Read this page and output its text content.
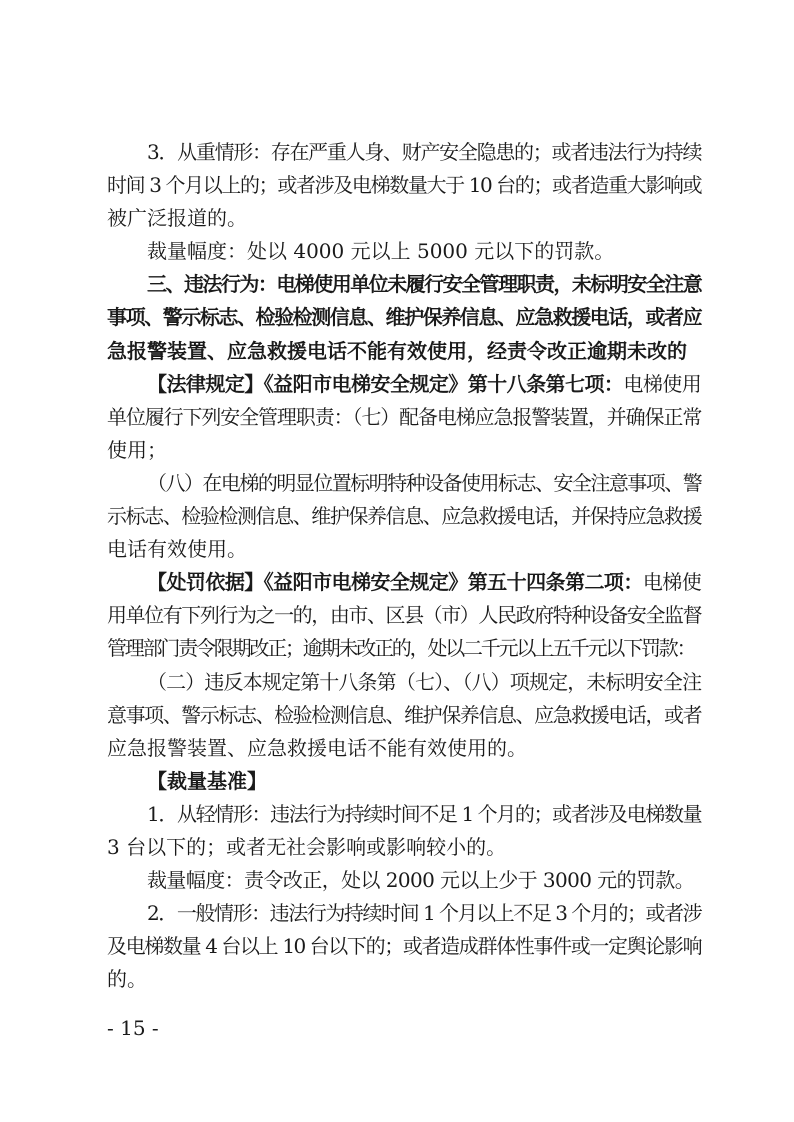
3．从重情形：存在严重人身、财产安全隐患的；或者违法行为持续
时间 3 个月以上的；或者涉及电梯数量大于 10 台的；或者造重大影响或
被广泛报道的。
裁量幅度：处以 4000 元以上 5000 元以下的罚款。
三、违法行为：电梯使用单位未履行安全管理职责，未标明安全注意
事项、警示标志、检验检测信息、维护保养信息、应急救援电话，或者应
急报警装置、应急救援电话不能有效使用，经责令改正逾期未改的
【法律规定】《益阳市电梯安全规定》第十八条第七项：电梯使用
单位履行下列安全管理职责：（七）配备电梯应急报警装置，并确保正常
使用；
（八）在电梯的明显位置标明特种设备使用标志、安全注意事项、警
示标志、检验检测信息、维护保养信息、应急救援电话，并保持应急救援
电话有效使用。
【处罚依据】《益阳市电梯安全规定》第五十四条第二项：电梯使
用单位有下列行为之一的，由市、区县（市）人民政府特种设备安全监督
管理部门责令限期改正；逾期未改正的，处以二千元以上五千元以下罚款：
（二）违反本规定第十八条第（七）、（八）项规定，未标明安全注
意事项、警示标志、检验检测信息、维护保养信息、应急救援电话，或者
应急报警装置、应急救援电话不能有效使用的。
【裁量基准】
1．从轻情形：违法行为持续时间不足 1 个月的；或者涉及电梯数量
3 台以下的；或者无社会影响或影响较小的。
裁量幅度：责令改正，处以 2000 元以上少于 3000 元的罚款。
2．一般情形：违法行为持续时间 1 个月以上不足 3 个月的；或者涉
及电梯数量 4 台以上 10 台以下的；或者造成群体性事件或一定舆论影响
的。
- 15 -
